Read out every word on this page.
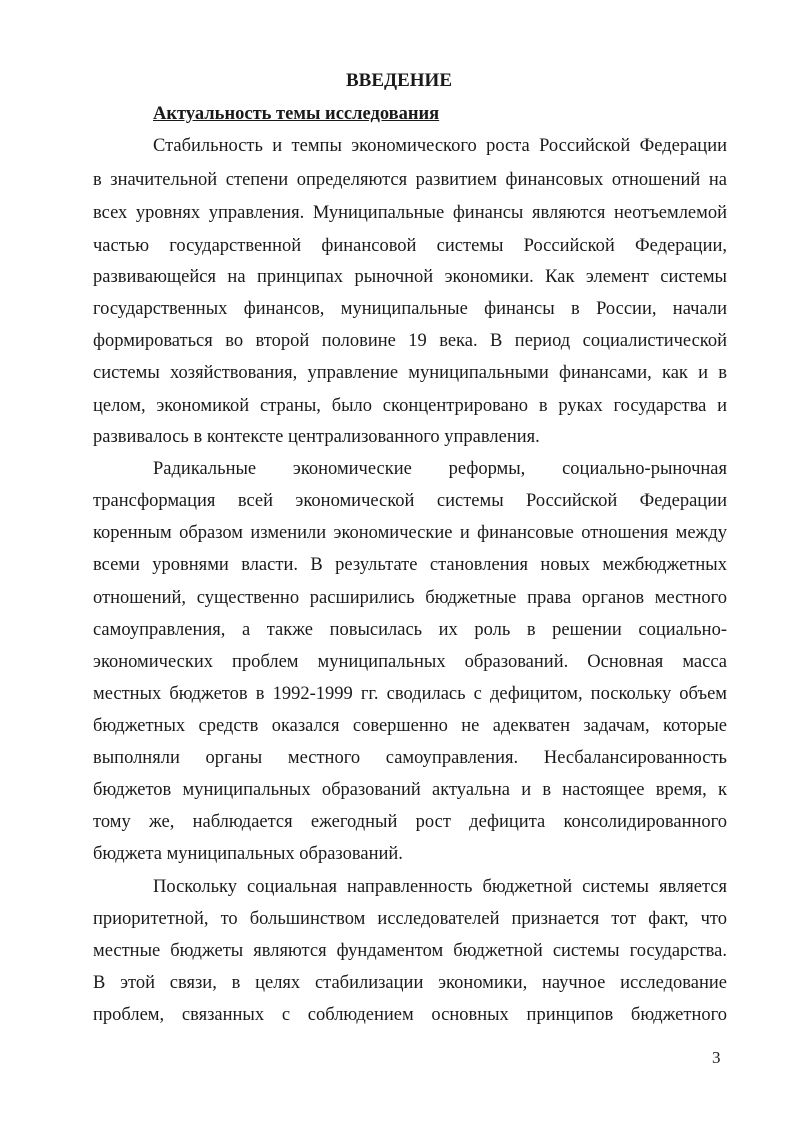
ВВЕДЕНИЕ
Актуальность темы исследования
Стабильность и темпы экономического роста Российской Федерации
в значительной степени определяются развитием финансовых отношений на
всех уровнях управления. Муниципальные финансы являются неотъемлемой
частью государственной финансовой системы Российской Федерации,
развивающейся на принципах рыночной экономики. Как элемент системы
государственных финансов, муниципальные финансы в России, начали
формироваться во второй половине 19 века. В период социалистической
системы хозяйствования, управление муниципальными финансами, как и в
целом, экономикой страны, было сконцентрировано в руках государства и
развивалось в контексте централизованного управления.
Радикальные экономические реформы, социально-рыночная
трансформация всей экономической системы Российской Федерации
коренным образом изменили экономические и финансовые отношения между
всеми уровнями власти. В результате становления новых межбюджетных
отношений, существенно расширились бюджетные права органов местного
самоуправления, а также повысилась их роль в решении социально-
экономических проблем муниципальных образований. Основная масса
местных бюджетов в 1992-1999 гг. сводилась с дефицитом, поскольку объем
бюджетных средств оказался совершенно не адекватен задачам, которые
выполняли органы местного самоуправления. Несбалансированность
бюджетов муниципальных образований актуальна и в настоящее время, к
тому же, наблюдается ежегодный рост дефицита консолидированного
бюджета муниципальных образований.
Поскольку социальная направленность бюджетной системы является
приоритетной, то большинством исследователей признается тот факт, что
местные бюджеты являются фундаментом бюджетной системы государства.
В этой связи, в целях стабилизации экономики, научное исследование
проблем, связанных с соблюдением основных принципов бюджетного
3
